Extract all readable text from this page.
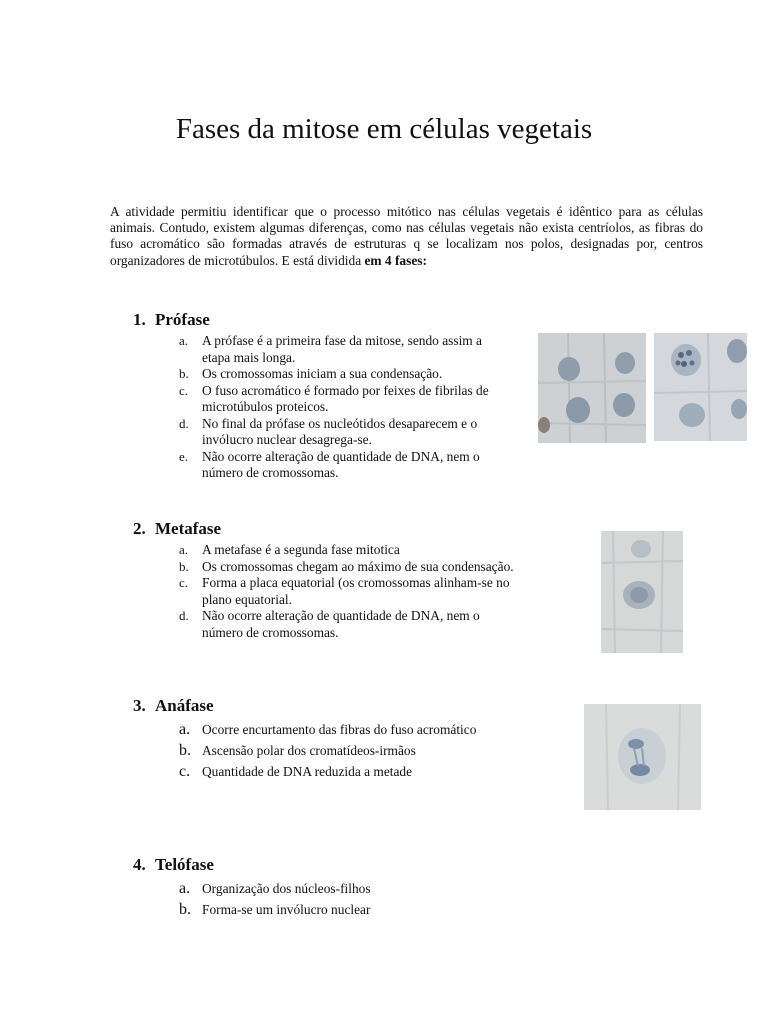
Fases da mitose em células vegetais

A atividade permitiu identificar que o processo mitótico nas células vegetais é idêntico para as células animais. Contudo, existem algumas diferenças, como nas células vegetais não exista centríolos, as fibras do fuso acromático são formadas através de estruturas q se localizam nos polos, designadas por, centros organizadores de microtúbulos. E está dividida em 4 fases:

1. Prófase
a. A prófase é a primeira fase da mitose, sendo assim a etapa mais longa.
b. Os cromossomas iniciam a sua condensação.
c. O fuso acromático é formado por feixes de fibrilas de microtúbulos proteicos.
d. No final da prófase os nucleótidos desaparecem e o invólucro nuclear desagrega-se.
e. Não ocorre alteração de quantidade de DNA, nem o número de cromossomas.
2. Metafase
a. A metafase é a segunda fase mitotica
b. Os cromossomas chegam ao máximo de sua condensação.
c. Forma a placa equatorial (os cromossomas alinham-se no plano equatorial.
d. Não ocorre alteração de quantidade de DNA, nem o número de cromossomas.
3. Anáfase
a. Ocorre encurtamento das fibras do fuso acromático
b. Ascensão polar dos cromatídeos-irmãos
c. Quantidade de DNA reduzida a metade
4. Telófase
a. Organização dos núcleos-filhos
b. Forma-se um invólucro nuclear
